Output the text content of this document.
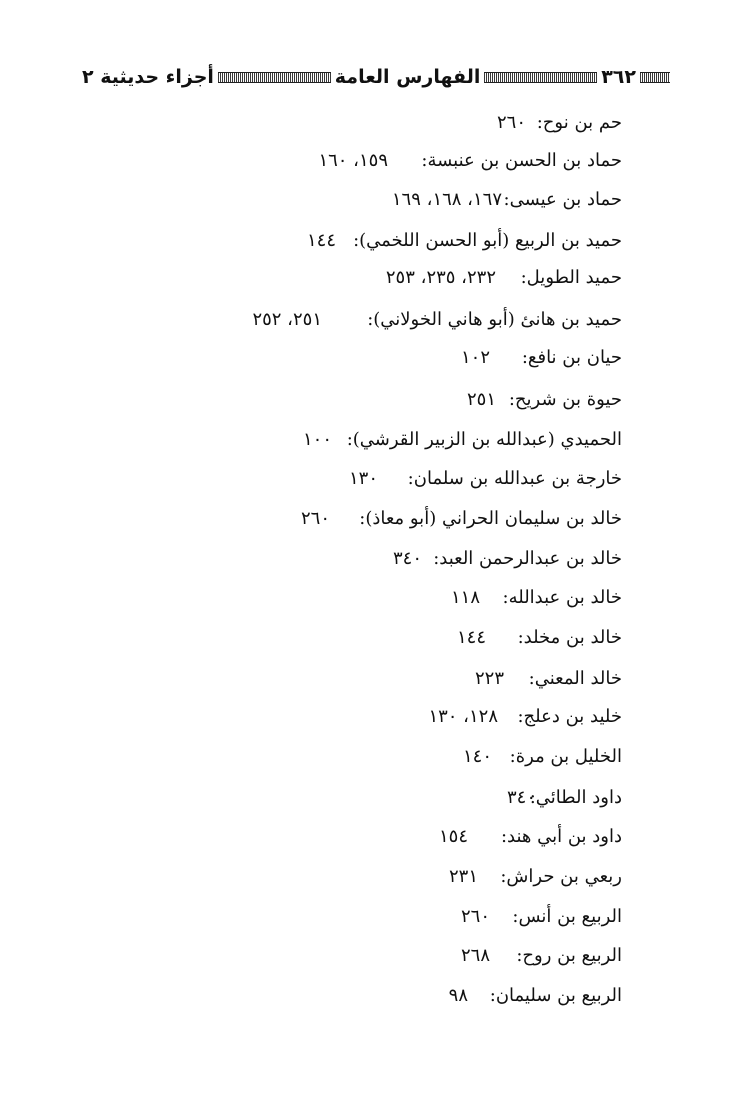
٣٦٢
الفهارس العامة
أجزاء حديثية ٢
حم بن نوح:
٢٦٠
حماد بن الحسن بن عنبسة:
١٥٩، ١٦٠
حماد بن عيسى:
١٦٧، ١٦٨، ١٦٩
حميد بن الربيع (أبو الحسن اللخمي):
١٤٤
حميد الطويل:
٢٣٢، ٢٣٥، ٢٥٣
حميد بن هانئ (أبو هاني الخولاني):
٢٥١، ٢٥٢
حيان بن نافع:
١٠٢
حيوة بن شريح:
٢٥١
الحميدي (عبدالله بن الزبير القرشي):
١٠٠
خارجة بن عبدالله بن سلمان:
١٣٠
خالد بن سليمان الحراني (أبو معاذ):
٢٦٠
خالد بن عبدالرحمن العبد:
٣٤٠
خالد بن عبدالله:
١١٨
خالد بن مخلد:
١٤٤
خالد المعني:
٢٢٣
خليد بن دعلج:
١٢٨، ١٣٠
الخليل بن مرة:
١٤٠
داود الطائي:
٣٤٠
داود بن أبي هند:
١٥٤
ربعي بن حراش:
٢٣١
الربيع بن أنس:
٢٦٠
الربيع بن روح:
٢٦٨
الربيع بن سليمان:
٩٨
